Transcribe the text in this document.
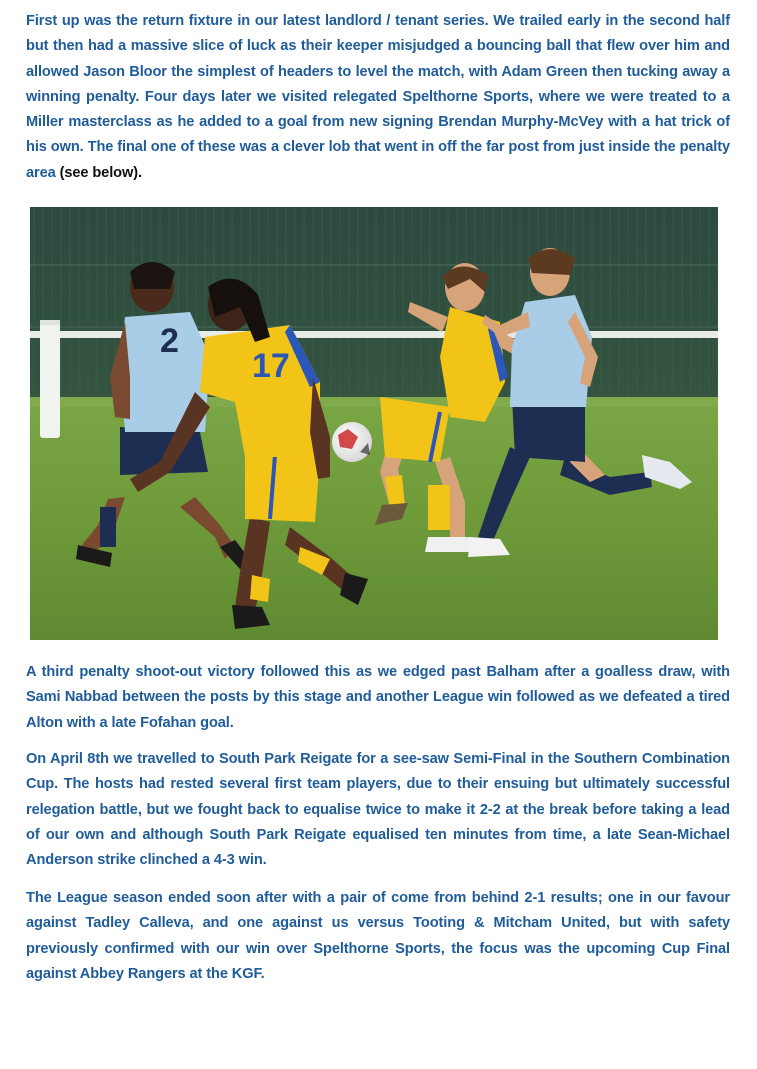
First up was the return fixture in our latest landlord / tenant series. We trailed early in the second half but then had a massive slice of luck as their keeper misjudged a bouncing ball that flew over him and allowed Jason Bloor the simplest of headers to level the match, with Adam Green then tucking away a winning penalty. Four days later we visited relegated Spelthorne Sports, where we were treated to a Miller masterclass as he added to a goal from new signing Brendan Murphy-McVey with a hat trick of his own. The final one of these was a clever lob that went in off the far post from just inside the penalty area (see below).

2
17

A third penalty shoot-out victory followed this as we edged past Balham after a goalless draw, with Sami Nabbad between the posts by this stage and another League win followed as we defeated a tired Alton with a late Fofahan goal.

On April 8th we travelled to South Park Reigate for a see-saw Semi-Final in the Southern Combination Cup. The hosts had rested several first team players, due to their ensuing but ultimately successful relegation battle, but we fought back to equalise twice to make it 2-2 at the break before taking a lead of our own and although South Park Reigate equalised ten minutes from time, a late Sean-Michael Anderson strike clinched a 4-3 win.

The League season ended soon after with a pair of come from behind 2-1 results; one in our favour against Tadley Calleva, and one against us versus Tooting & Mitcham United, but with safety previously confirmed with our win over Spelthorne Sports, the focus was the upcoming Cup Final against Abbey Rangers at the KGF.
